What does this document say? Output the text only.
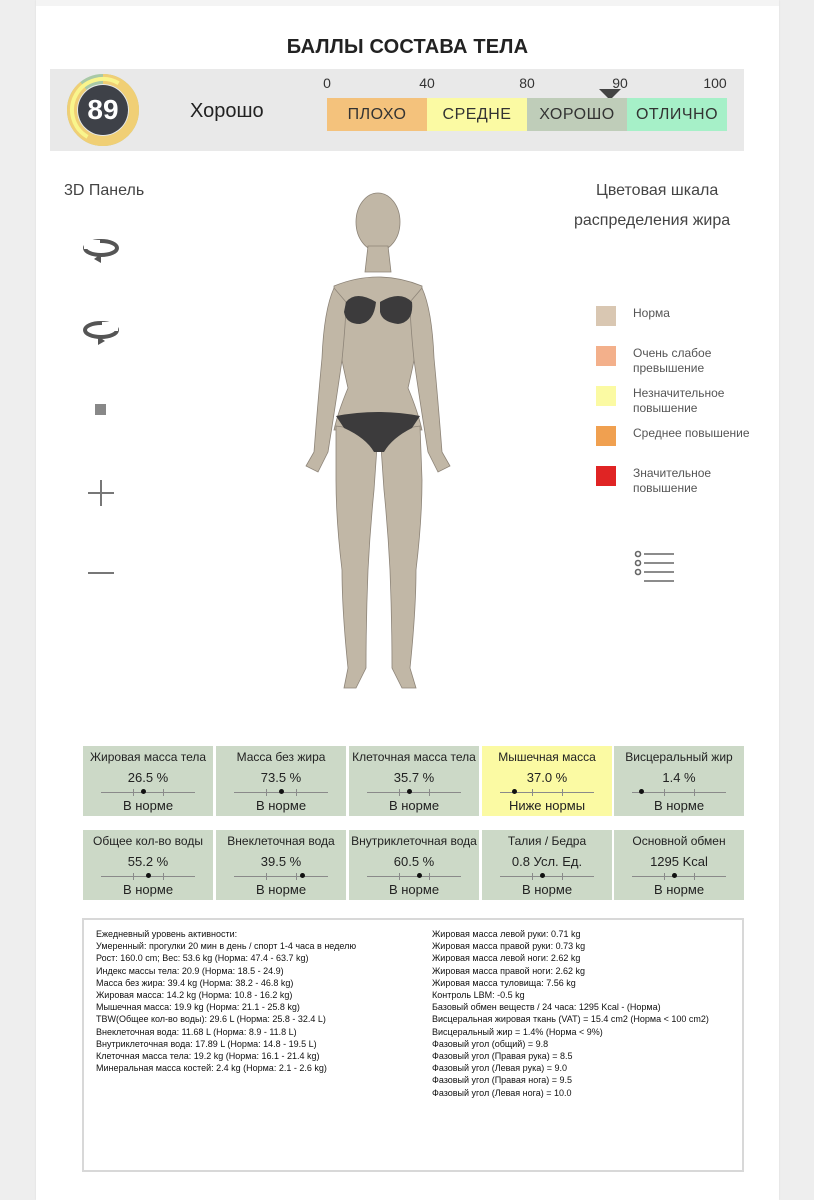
БАЛЛЫ СОСТАВА ТЕЛА
89	Хорошо	ПЛОХО	СРЕДНЕ	ХОРОШО	ОТЛИЧНО
0	40	80	90	100
3D Панель	Цветовая шкала
распределения жира
Норма
Очень слабое
превышение
Незначительное
повышение
Среднее повышение
Значительное
повышение
Жировая масса тела
26.5 %
В норме
Масса без жира
73.5 %
В норме
Клеточная масса тела
35.7 %
В норме
Мышечная масса
37.0 %
Ниже нормы
Висцеральный жир
1.4 %
В норме
Общее кол-во воды
55.2 %
В норме
Внеклеточная вода
39.5 %
В норме
Внутриклеточная вода
60.5 %
В норме
Талия / Бедра
0.8 Усл. Ед.
В норме
Основной обмен
1295 Kcal
В норме
Ежедневный уровень активности:
Умеренный: прогулки 20 мин в день / спорт 1-4 часа в неделю
Рост: 160.0 cm; Вес: 53.6 kg (Норма: 47.4 - 63.7 kg)
Индекс массы тела: 20.9 (Норма: 18.5 - 24.9)
Масса без жира: 39.4 kg (Норма: 38.2 - 46.8 kg)
Жировая масса: 14.2 kg (Норма: 10.8 - 16.2 kg)
Мышечная масса: 19.9 kg (Норма: 21.1 - 25.8 kg)
TBW(Общее кол-во воды): 29.6 L (Норма: 25.8 - 32.4 L)
Внеклеточная вода: 11.68 L (Норма: 8.9 - 11.8 L)
Внутриклеточная вода: 17.89 L (Норма: 14.8 - 19.5 L)
Клеточная масса тела: 19.2 kg (Норма: 16.1 - 21.4 kg)
Минеральная масса костей: 2.4 kg (Норма: 2.1 - 2.6 kg)
Жировая масса левой руки: 0.71 kg
Жировая масса правой руки: 0.73 kg
Жировая масса левой ноги: 2.62 kg
Жировая масса правой ноги: 2.62 kg
Жировая масса туловища: 7.56 kg
Контроль LBM: -0.5 kg
Базовый обмен веществ / 24 часа: 1295 Kcal - (Норма)
Висцеральная жировая ткань (VAT) = 15.4 cm2 (Норма < 100 cm2)
Висцеральный жир = 1.4% (Норма < 9%)
Фазовый угол (общий) = 9.8
Фазовый угол (Правая рука) = 8.5
Фазовый угол (Левая рука) = 9.0
Фазовый угол (Правая нога) = 9.5
Фазовый угол (Левая нога) = 10.0
